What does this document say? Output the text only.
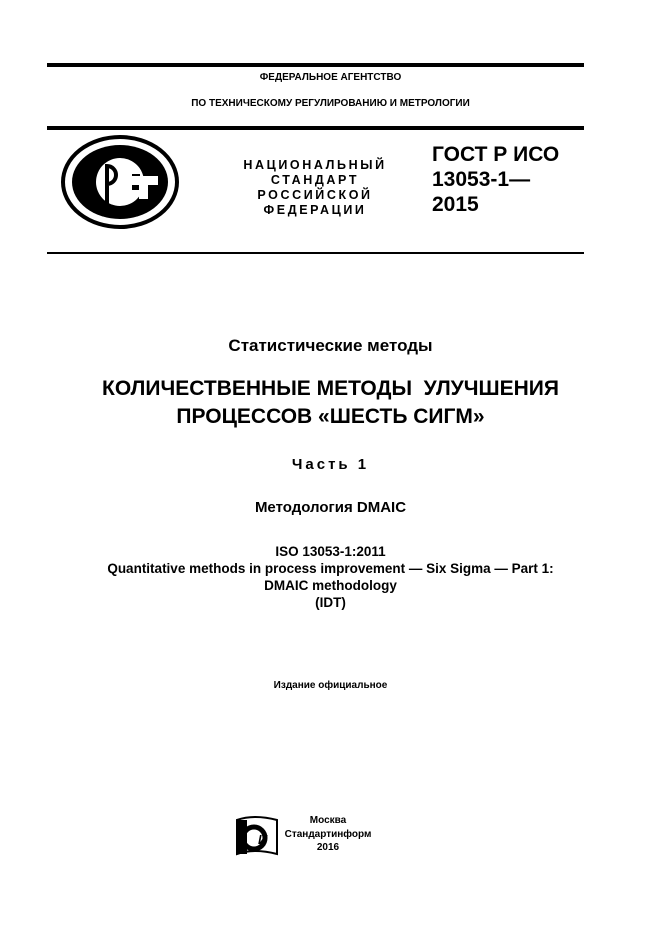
ФЕДЕРАЛЬНОЕ АГЕНТСТВО
ПО ТЕХНИЧЕСКОМУ РЕГУЛИРОВАНИЮ И МЕТРОЛОГИИ
НАЦИОНАЛЬНЫЙ
СТАНДАРТ
РОССИЙСКОЙ
ФЕДЕРАЦИИ
ГОСТ Р ИСО
13053-1—
2015
Статистические методы
КОЛИЧЕСТВЕННЫЕ МЕТОДЫ  УЛУЧШЕНИЯ
ПРОЦЕССОВ «ШЕСТЬ СИГМ»
Часть 1
Методология DMAIC
ISO 13053-1:2011
Quantitative methods in process improvement — Six Sigma — Part 1:
DMAIC methodology
(IDT)
Издание официальное
И
Москва
Стандартинформ
2016
